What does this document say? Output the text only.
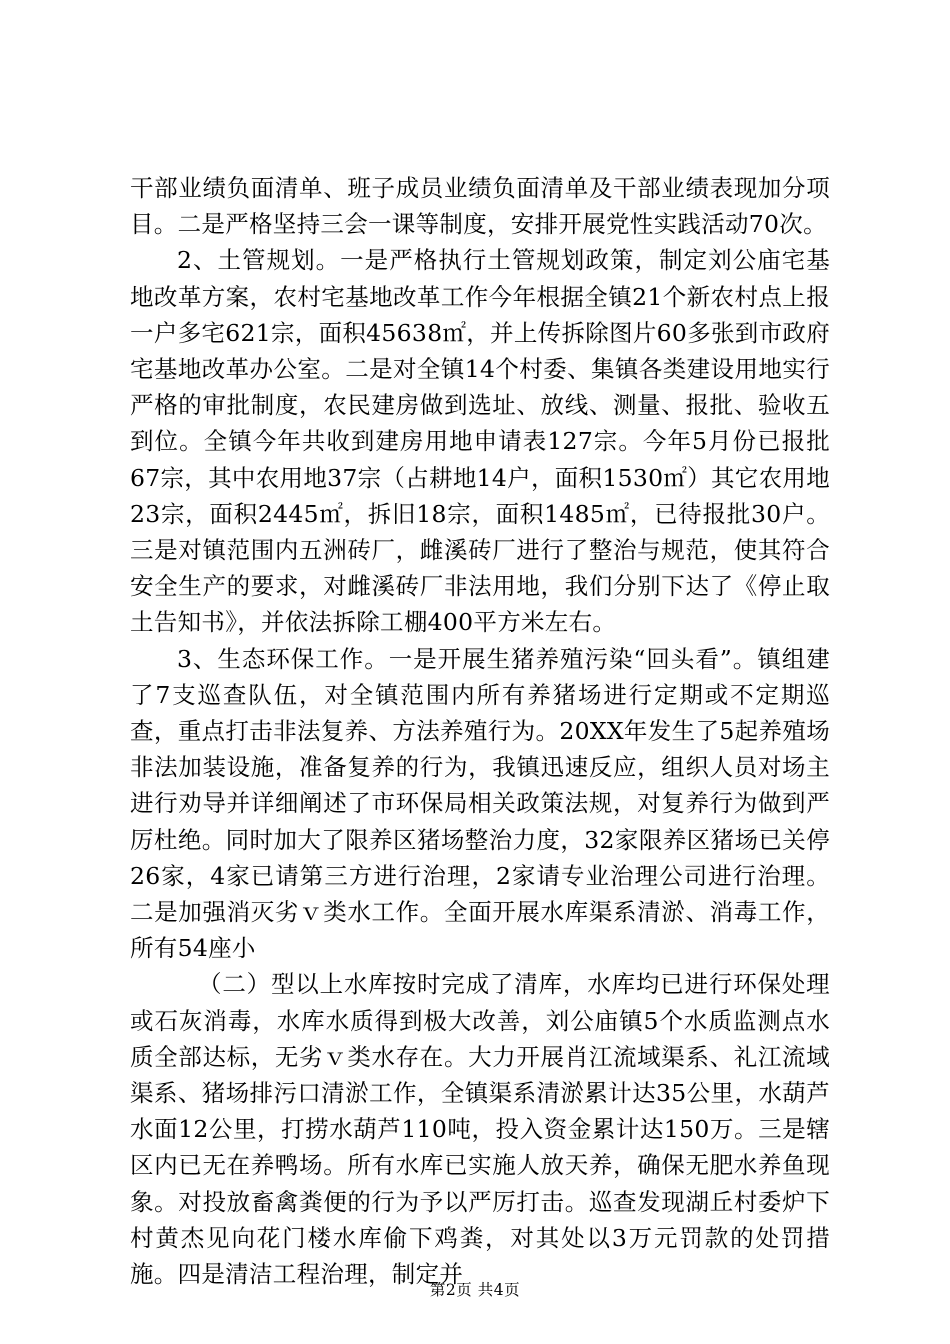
干部业绩负面清单、班子成员业绩负面清单及干部业绩表现加分项目。二是严格坚持三会一课等制度，安排开展党性实践活动70次。

2、土管规划。一是严格执行土管规划政策，制定刘公庙宅基地改革方案，农村宅基地改革工作今年根据全镇21个新农村点上报一户多宅621宗，面积45638㎡，并上传拆除图片60多张到市政府宅基地改革办公室。二是对全镇14个村委、集镇各类建设用地实行严格的审批制度，农民建房做到选址、放线、测量、报批、验收五到位。全镇今年共收到建房用地申请表127宗。今年5月份已报批67宗，其中农用地37宗（占耕地14户，面积1530㎡）其它农用地23宗，面积2445㎡，拆旧18宗，面积1485㎡，已待报批30户。三是对镇范围内五洲砖厂，雌溪砖厂进行了整治与规范，使其符合安全生产的要求，对雌溪砖厂非法用地，我们分别下达了《停止取土告知书》，并依法拆除工棚400平方米左右。

3、生态环保工作。一是开展生猪养殖污染“回头看”。镇组建了7支巡查队伍，对全镇范围内所有养猪场进行定期或不定期巡查，重点打击非法复养、方法养殖行为。20XX年发生了5起养殖场非法加装设施，准备复养的行为，我镇迅速反应，组织人员对场主进行劝导并详细阐述了市环保局相关政策法规，对复养行为做到严厉杜绝。同时加大了限养区猪场整治力度，32家限养区猪场已关停26家，4家已请第三方进行治理，2家请专业治理公司进行治理。二是加强消灭劣ｖ类水工作。全面开展水库渠系清淤、消毒工作，所有54座小

（二）型以上水库按时完成了清库，水库均已进行环保处理或石灰消毒，水库水质得到极大改善，刘公庙镇5个水质监测点水质全部达标，无劣ｖ类水存在。大力开展肖江流域渠系、礼江流域渠系、猪场排污口清淤工作，全镇渠系清淤累计达35公里，水葫芦水面12公里，打捞水葫芦110吨，投入资金累计达150万。三是辖区内已无在养鸭场。所有水库已实施人放天养，确保无肥水养鱼现象。对投放畜禽粪便的行为予以严厉打击。巡查发现湖丘村委炉下村黄杰见向花门楼水库偷下鸡粪，对其处以3万元罚款的处罚措施。四是清洁工程治理，制定并

第2页 共4页
